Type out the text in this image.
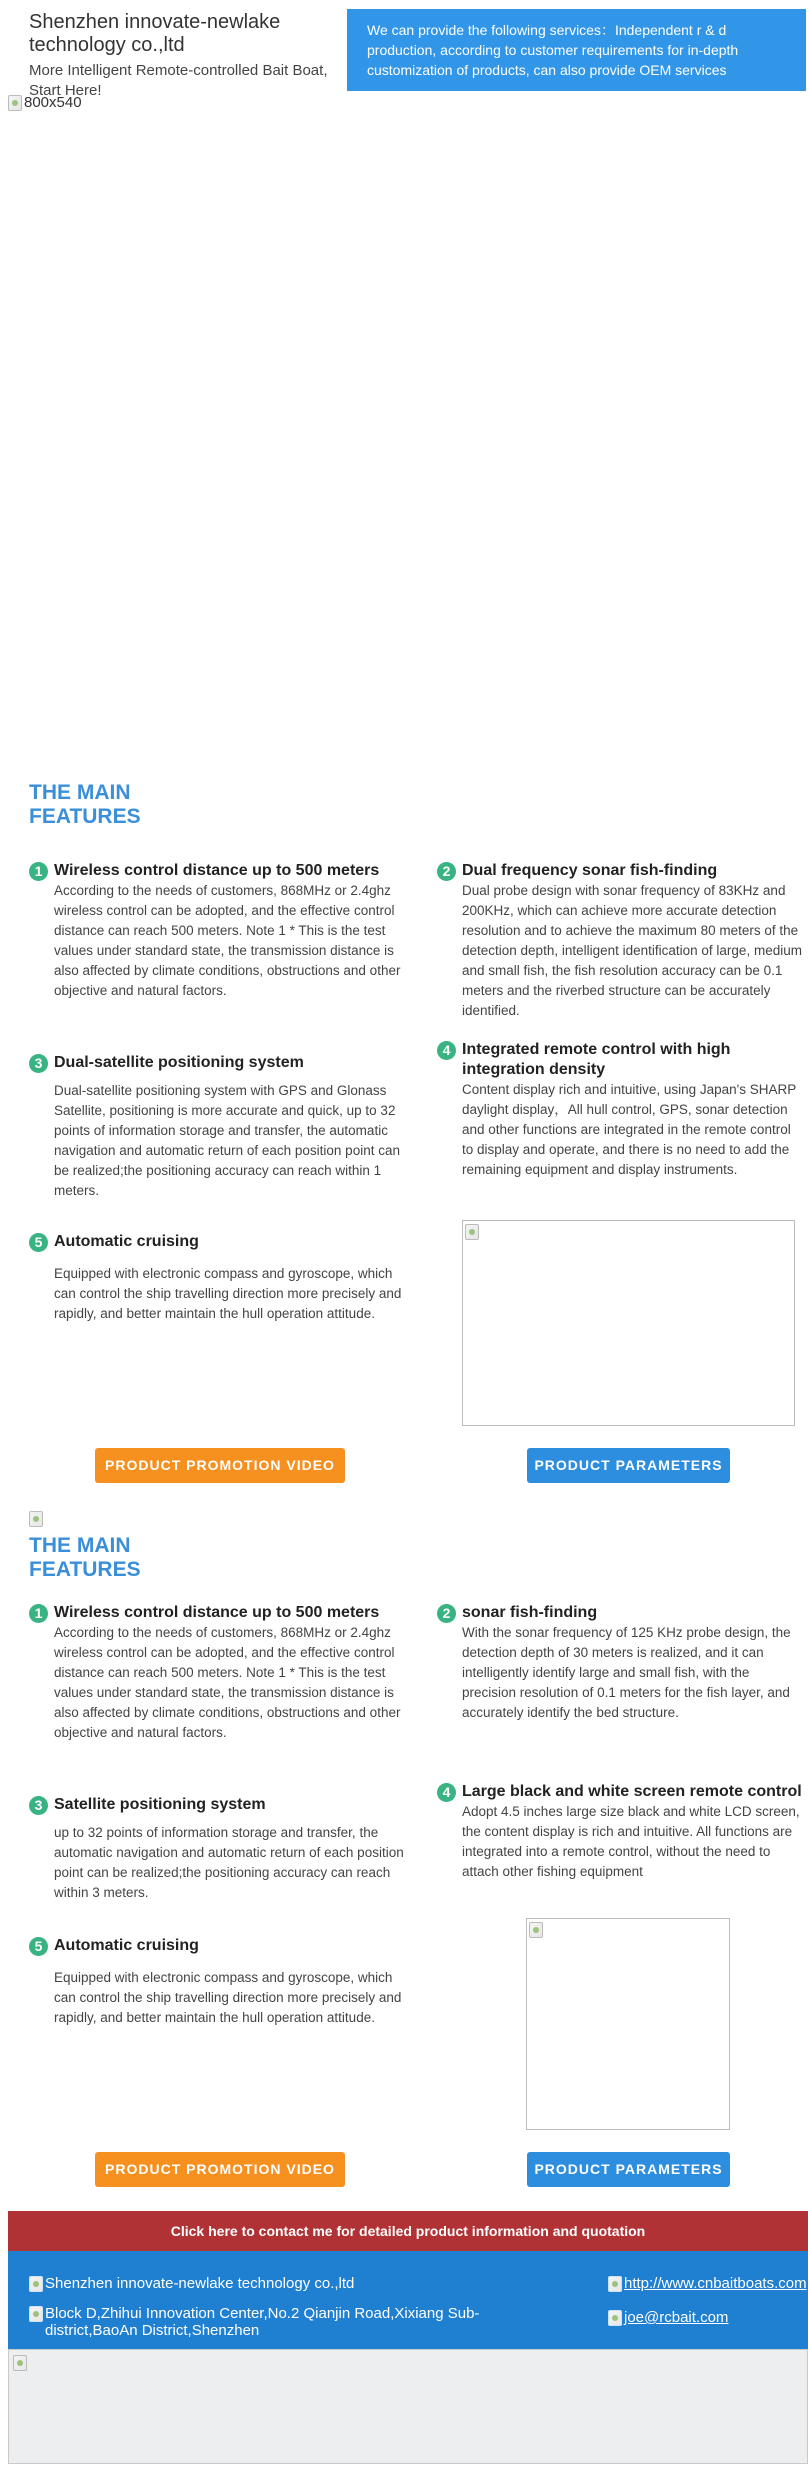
Shenzhen innovate-newlake technology co.,ltd
More Intelligent Remote-controlled Bait Boat, Start Here!
We can provide the following services：Independent r & d production, according to customer requirements for in-depth customization of products, can also provide OEM services
800x540
THE MAIN FEATURES
1 Wireless control distance up to 500 meters
According to the needs of customers, 868MHz or 2.4ghz wireless control can be adopted, and the effective control distance can reach 500 meters. Note 1 * This is the test values under standard state, the transmission distance is also affected by climate conditions, obstructions and other objective and natural factors.
2 Dual frequency sonar fish-finding
Dual probe design with sonar frequency of 83KHz and 200KHz, which can achieve more accurate detection resolution and to achieve the maximum 80 meters of the detection depth, intelligent identification of large, medium and small fish, the fish resolution accuracy can be 0.1 meters and the riverbed structure can be accurately identified.
3 Dual-satellite positioning system
Dual-satellite positioning system with GPS and Glonass Satellite, positioning is more accurate and quick, up to 32 points of information storage and transfer, the automatic navigation and automatic return of each position point can be realized;the positioning accuracy can reach within 1 meters.
4 Integrated remote control with high integration density
Content display rich and intuitive, using Japan's SHARP daylight display，All hull control, GPS, sonar detection and other functions are integrated in the remote control to display and operate, and there is no need to add the remaining equipment and display instruments.
5 Automatic cruising
Equipped with electronic compass and gyroscope, which can control the ship travelling direction more precisely and rapidly, and better maintain the hull operation attitude.
PRODUCT PROMOTION VIDEO	PRODUCT PARAMETERS
THE MAIN FEATURES
1 Wireless control distance up to 500 meters
According to the needs of customers, 868MHz or 2.4ghz wireless control can be adopted, and the effective control distance can reach 500 meters. Note 1 * This is the test values under standard state, the transmission distance is also affected by climate conditions, obstructions and other objective and natural factors.
2 sonar fish-finding
With the sonar frequency of 125 KHz probe design, the detection depth of 30 meters is realized, and it can intelligently identify large and small fish, with the precision resolution of 0.1 meters for the fish layer, and accurately identify the bed structure.
3 Satellite positioning system
up to 32 points of information storage and transfer, the automatic navigation and automatic return of each position point can be realized;the positioning accuracy can reach within 3 meters.
4 Large black and white screen remote control
Adopt 4.5 inches large size black and white LCD screen, the content display is rich and intuitive. All functions are integrated into a remote control, without the need to attach other fishing equipment
5 Automatic cruising
Equipped with electronic compass and gyroscope, which can control the ship travelling direction more precisely and rapidly, and better maintain the hull operation attitude.
PRODUCT PROMOTION VIDEO	PRODUCT PARAMETERS
Click here to contact me for detailed product information and quotation
Shenzhen innovate-newlake technology co.,ltd
Block D,Zhihui Innovation Center,No.2 Qianjin Road,Xixiang Sub-district,BaoAn District,Shenzhen
http://www.cnbaitboats.com
joe@rcbait.com
